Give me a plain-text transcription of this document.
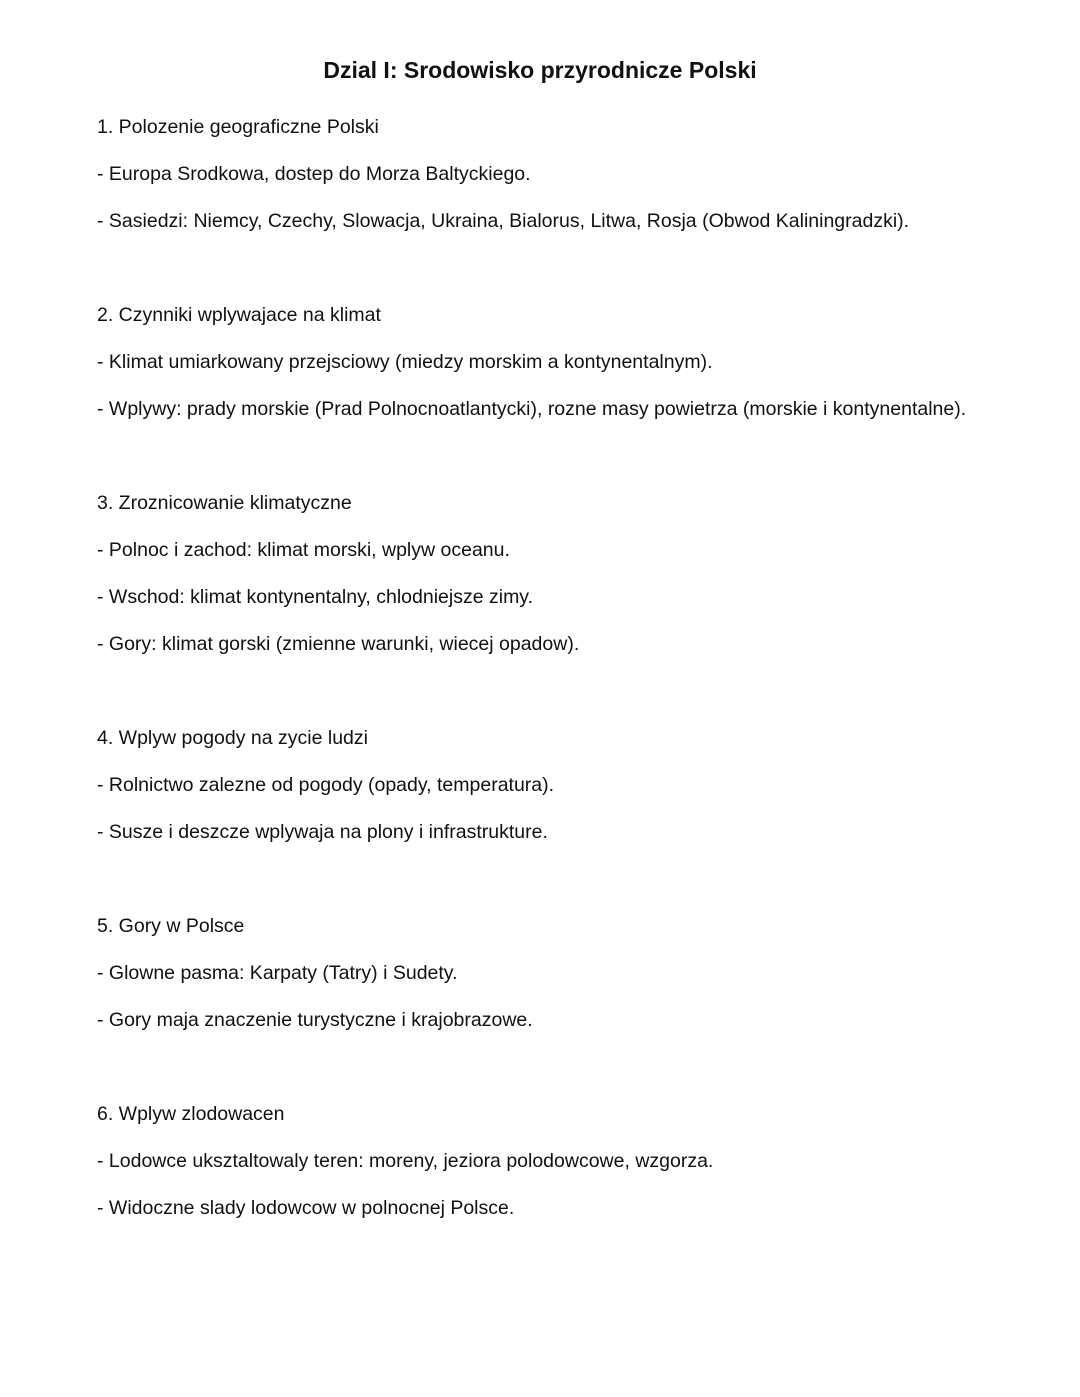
Dzial I: Srodowisko przyrodnicze Polski

1. Polozenie geograficzne Polski

- Europa Srodkowa, dostep do Morza Baltyckiego.

- Sasiedzi: Niemcy, Czechy, Slowacja, Ukraina, Bialorus, Litwa, Rosja (Obwod Kaliningradzki).

2. Czynniki wplywajace na klimat

- Klimat umiarkowany przejsciowy (miedzy morskim a kontynentalnym).

- Wplywy: prady morskie (Prad Polnocnoatlantycki), rozne masy powietrza (morskie i kontynentalne).

3. Zroznicowanie klimatyczne

- Polnoc i zachod: klimat morski, wplyw oceanu.

- Wschod: klimat kontynentalny, chlodniejsze zimy.

- Gory: klimat gorski (zmienne warunki, wiecej opadow).

4. Wplyw pogody na zycie ludzi

- Rolnictwo zalezne od pogody (opady, temperatura).

- Susze i deszcze wplywaja na plony i infrastrukture.

5. Gory w Polsce

- Glowne pasma: Karpaty (Tatry) i Sudety.

- Gory maja znaczenie turystyczne i krajobrazowe.

6. Wplyw zlodowacen

- Lodowce uksztaltowaly teren: moreny, jeziora polodowcowe, wzgorza.

- Widoczne slady lodowcow w polnocnej Polsce.
